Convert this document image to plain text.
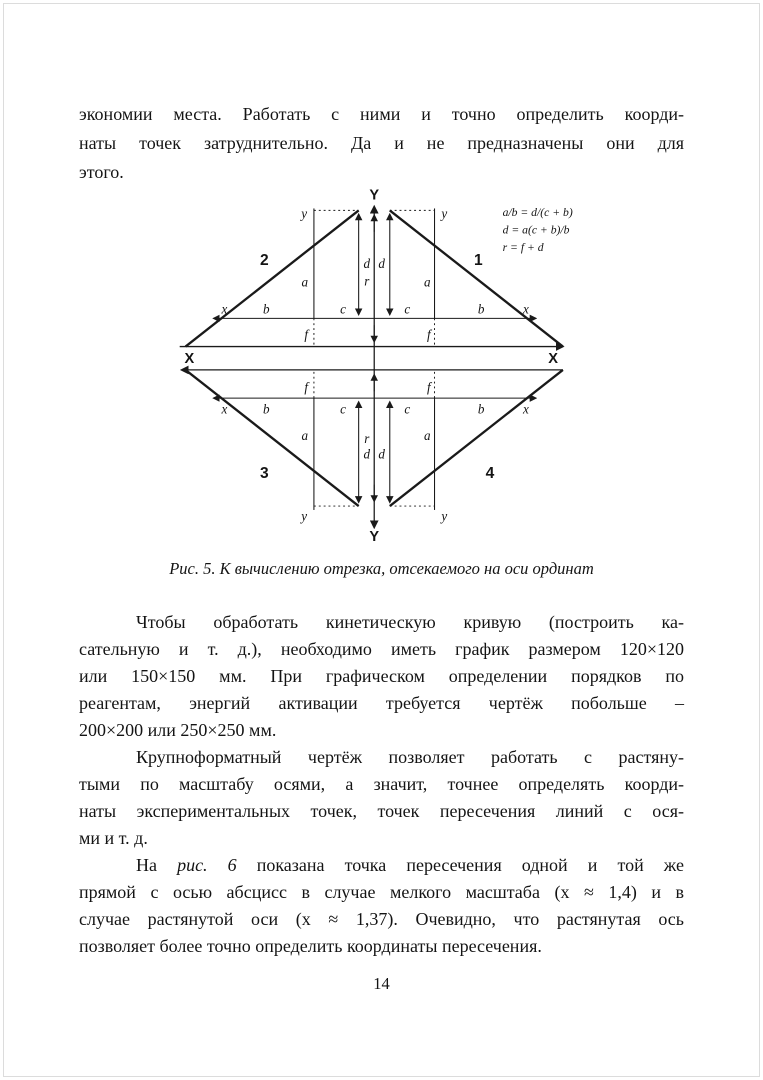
экономии места. Работать с ними и точно определить коорди-
наты точек затруднительно. Да и не предназначены они для
этого.
Y
Y
X	X
y	y
y	y
x	x
x	x
a	a
a	a
b	b
b	b
c	c
c	c
f	f
f	f
d d
d d
r
r
2	1
3	4
a/b = d/(c + b)
d = a(c + b)/b
r = f + d
Рис. 5. К вычислению отрезка, отсекаемого на оси ординат
Чтобы обработать кинетическую кривую (построить ка-
сательную и т. д.), необходимо иметь график размером 120×120
или 150×150 мм. При графическом определении порядков по
реагентам, энергий активации требуется чертёж побольше –
200×200 или 250×250 мм.
Крупноформатный чертёж позволяет работать с растяну-
тыми по масштабу осями, а значит, точнее определять коорди-
наты экспериментальных точек, точек пересечения линий с ося-
ми и т. д.
На рис. 6 показана точка пересечения одной и той же
прямой с осью абсцисс в случае мелкого масштаба (х ≈ 1,4) и в
случае растянутой оси (х ≈ 1,37). Очевидно, что растянутая ось
позволяет более точно определить координаты пересечения.
14
